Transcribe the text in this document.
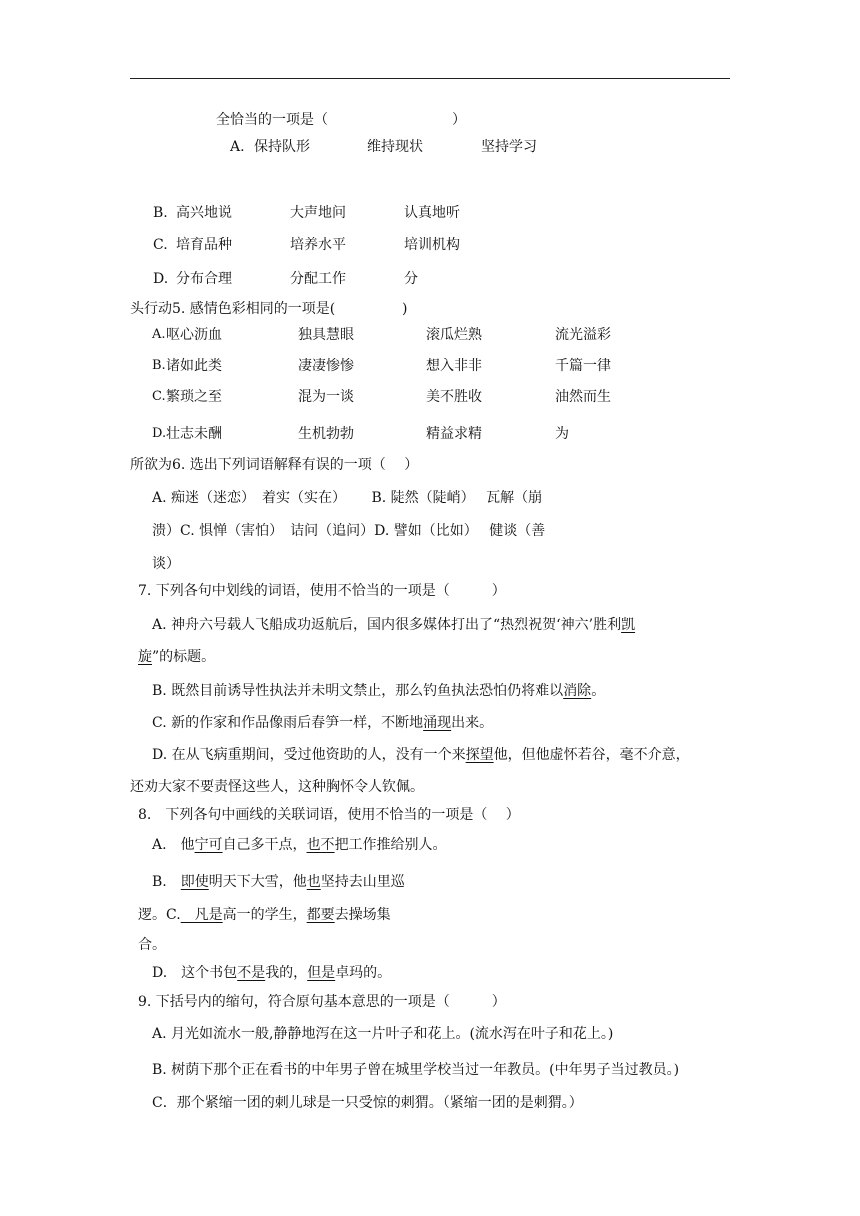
全恰当的一项是（	）
A. 保持队形	维持现状	坚持学习
B. 高兴地说	大声地问	认真地听
C. 培育品种	培养水平	培训机构
D. 分布合理	分配工作	分
头行动5. 感情色彩相同的一项是(	)
A. 呕心沥血	独具慧眼	滚瓜烂熟	流光溢彩
B. 诸如此类	凄凄惨惨	想入非非	千篇一律
C. 繁琐之至	混为一谈	美不胜收	油然而生
D. 壮志未酬	生机勃勃	精益求精	为
所欲为6. 选出下列词语解释有误的一项（　 ）
A. 痴迷（迷恋）　着实（实在）　　 B. 陡然（陡峭）　 瓦解（崩
溃）C. 惧惮（害怕）　诘问（追问）D. 譬如（比如）　 健谈（善
谈）
7. 下列各句中划线的词语，使用不恰当的一项是（　　　）
A. 神舟六号载人飞船成功返航后，国内很多媒体打出了“热烈祝贺‘神六’胜利凯
旋”的标题。
B. 既然目前诱导性执法并未明文禁止，那么钓鱼执法恐怕仍将难以消除。
C. 新的作家和作品像雨后春笋一样，不断地涌现出来。
D. 在从飞病重期间，受过他资助的人，没有一个来探望他，但他虚怀若谷，毫不介意，
还劝大家不要责怪这些人，这种胸怀令人钦佩。
8.　下列各句中画线的关联词语，使用不恰当的一项是（　 ）
A.　他宁可自己多干点，也不把工作推给别人。
B.　即使明天下大雪，他也坚持去山里巡
逻。C.　凡是高一的学生，都要去操场集
合。
D.　这个书包不是我的，但是卓玛的。
9. 下括号内的缩句，符合原句基本意思的一项是（　　　）
A. 月光如流水一般,静静地泻在这一片叶子和花上。(流水泻在叶子和花上。)
B. 树荫下那个正在看书的中年男子曾在城里学校当过一年教员。(中年男子当过教员。)
C．那个紧缩一团的刺儿球是一只受惊的刺猬。（紧缩一团的是刺猬。）
